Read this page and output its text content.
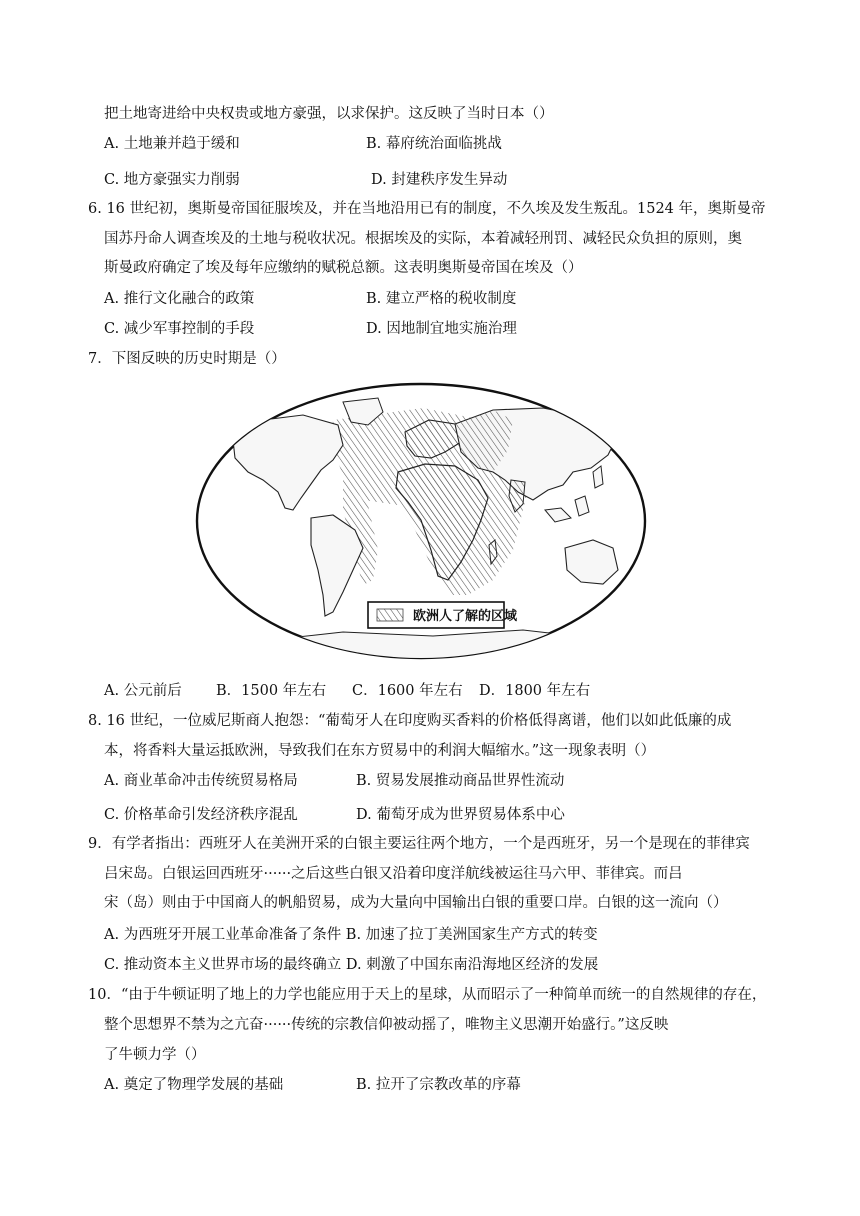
把土地寄进给中央权贵或地方豪强，以求保护。这反映了当时日本（）
A. 土地兼并趋于缓和	B. 幕府统治面临挑战
C. 地方豪强实力削弱	D. 封建秩序发生异动
6. 16 世纪初，奥斯曼帝国征服埃及，并在当地沿用已有的制度，不久埃及发生叛乱。1524 年，奥斯曼帝
国苏丹命人调查埃及的土地与税收状况。根据埃及的实际，本着减轻刑罚、减轻民众负担的原则，奥
斯曼政府确定了埃及每年应缴纳的赋税总额。这表明奥斯曼帝国在埃及（）
A. 推行文化融合的政策	B. 建立严格的税收制度
C. 减少军事控制的手段	D. 因地制宜地实施治理
7．下图反映的历史时期是（）
欧洲人了解的区域
A. 公元前后 B．1500 年左右 C．1600 年左右 D．1800 年左右
8. 16 世纪，一位威尼斯商人抱怨：“葡萄牙人在印度购买香料的价格低得离谱，他们以如此低廉的成
本，将香料大量运抵欧洲，导致我们在东方贸易中的利润大幅缩水。”这一现象表明（）
A. 商业革命冲击传统贸易格局	B. 贸易发展推动商品世界性流动
C. 价格革命引发经济秩序混乱	D. 葡萄牙成为世界贸易体系中心
9．有学者指出：西班牙人在美洲开采的白银主要运往两个地方，一个是西班牙，另一个是现在的菲律宾
吕宋岛。白银运回西班牙······之后这些白银又沿着印度洋航线被运往马六甲、菲律宾。而吕
宋（岛）则由于中国商人的帆船贸易，成为大量向中国输出白银的重要口岸。白银的这一流向（）
A. 为西班牙开展工业革命准备了条件 B. 加速了拉丁美洲国家生产方式的转变
C. 推动资本主义世界市场的最终确立 D. 刺激了中国东南沿海地区经济的发展
10．“由于牛顿证明了地上的力学也能应用于天上的星球，从而昭示了一种简单而统一的自然规律的存在，
整个思想界不禁为之亢奋······传统的宗教信仰被动摇了，唯物主义思潮开始盛行。”这反映
了牛顿力学（）
A. 奠定了物理学发展的基础	B. 拉开了宗教改革的序幕
